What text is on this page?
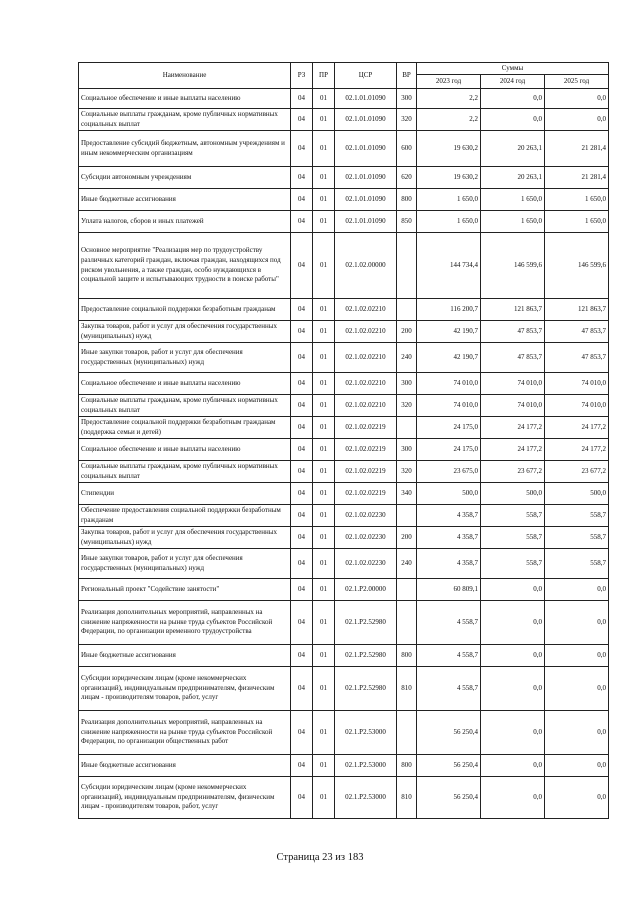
Наименование	РЗ	ПР	ЦСР	ВР	Суммы		
					2023 год	2024 год	2025 год
Социальное обеспечение и иные выплаты населению	04	01	02.1.01.01090	300	2,2	0,0	0,0
Социальные выплаты гражданам, кроме публичных нормативных социальных выплат	04	01	02.1.01.01090	320	2,2	0,0	0,0
Предоставление субсидий бюджетным, автономным учреждениям и иным некоммерческим организациям	04	01	02.1.01.01090	600	19 630,2	20 263,1	21 281,4
Субсидии автономным учреждениям	04	01	02.1.01.01090	620	19 630,2	20 263,1	21 281,4
Иные бюджетные ассигнования	04	01	02.1.01.01090	800	1 650,0	1 650,0	1 650,0
Уплата налогов, сборов и иных платежей	04	01	02.1.01.01090	850	1 650,0	1 650,0	1 650,0
Основное мероприятие "Реализация мер по трудоустройству различных категорий граждан, включая граждан, находящихся под риском увольнения, а также граждан, особо нуждающихся в социальной защите и испытывающих трудности в поиске работы"	04	01	02.1.02.00000		144 734,4	146 599,6	146 599,6
Предоставление социальной поддержки безработным гражданам	04	01	02.1.02.02210		116 200,7	121 863,7	121 863,7
Закупка товаров, работ и услуг для обеспечения государственных (муниципальных) нужд	04	01	02.1.02.02210	200	42 190,7	47 853,7	47 853,7
Иные закупки товаров, работ и услуг для обеспечения государственных (муниципальных) нужд	04	01	02.1.02.02210	240	42 190,7	47 853,7	47 853,7
Социальное обеспечение и иные выплаты населению	04	01	02.1.02.02210	300	74 010,0	74 010,0	74 010,0
Социальные выплаты гражданам, кроме публичных нормативных социальных выплат	04	01	02.1.02.02210	320	74 010,0	74 010,0	74 010,0
Предоставление социальной поддержки безработным гражданам (поддержка семьи и детей)	04	01	02.1.02.02219		24 175,0	24 177,2	24 177,2
Социальное обеспечение и иные выплаты населению	04	01	02.1.02.02219	300	24 175,0	24 177,2	24 177,2
Социальные выплаты гражданам, кроме публичных нормативных социальных выплат	04	01	02.1.02.02219	320	23 675,0	23 677,2	23 677,2
Стипендии	04	01	02.1.02.02219	340	500,0	500,0	500,0
Обеспечение предоставления социальной поддержки безработным гражданам	04	01	02.1.02.02230		4 358,7	558,7	558,7
Закупка товаров, работ и услуг для обеспечения государственных (муниципальных) нужд	04	01	02.1.02.02230	200	4 358,7	558,7	558,7
Иные закупки товаров, работ и услуг для обеспечения государственных (муниципальных) нужд	04	01	02.1.02.02230	240	4 358,7	558,7	558,7
Региональный проект "Содействие занятости"	04	01	02.1.P2.00000		60 809,1	0,0	0,0
Реализация дополнительных мероприятий, направленных на снижение напряженности на рынке труда субъектов Российской Федерации, по организации временного трудоустройства	04	01	02.1.P2.52980		4 558,7	0,0	0,0
Иные бюджетные ассигнования	04	01	02.1.P2.52980	800	4 558,7	0,0	0,0
Субсидии юридическим лицам (кроме некоммерческих организаций), индивидуальным предпринимателям, физическим лицам - производителям товаров, работ, услуг	04	01	02.1.P2.52980	810	4 558,7	0,0	0,0
Реализация дополнительных мероприятий, направленных на снижение напряженности на рынке труда субъектов Российской Федерации, по организации общественных работ	04	01	02.1.P2.53000		56 250,4	0,0	0,0
Иные бюджетные ассигнования	04	01	02.1.P2.53000	800	56 250,4	0,0	0,0
Субсидии юридическим лицам (кроме некоммерческих организаций), индивидуальным предпринимателям, физическим лицам - производителям товаров, работ, услуг	04	01	02.1.P2.53000	810	56 250,4	0,0	0,0
Страница 23 из 183
